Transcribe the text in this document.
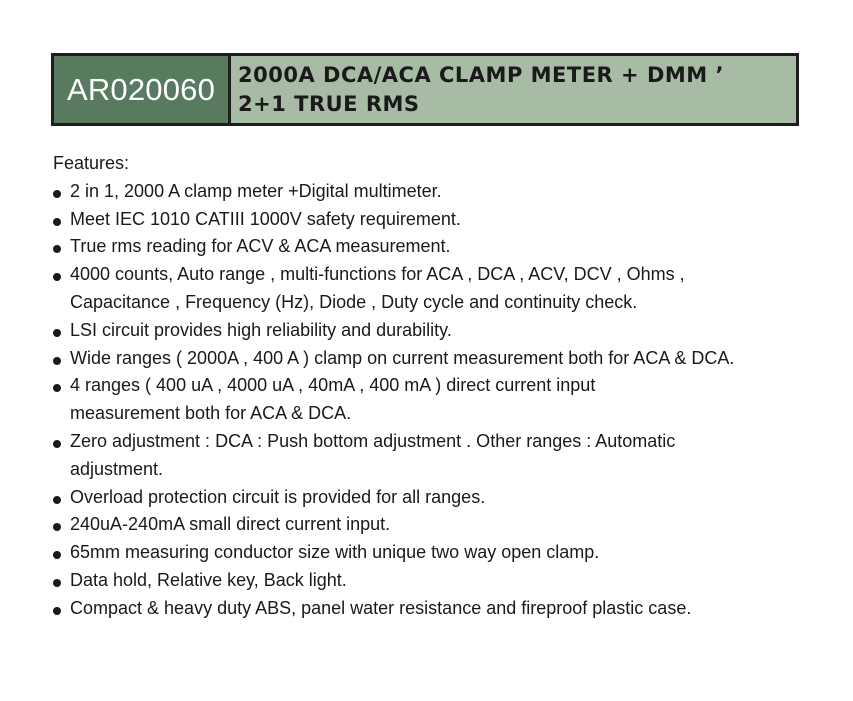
AR020060	2000A DCA/ACA CLAMP METER + DMM ʼ
2+1 TRUE RMS
Features:
2 in 1, 2000 A clamp meter +Digital multimeter.
Meet IEC 1010 CATIII 1000V safety requirement.
True rms reading for ACV & ACA measurement.
4000 counts, Auto range , multi-functions for ACA , DCA , ACV, DCV , Ohms ,
Capacitance , Frequency (Hz), Diode , Duty cycle and continuity check.
LSI circuit provides high reliability and durability.
Wide ranges ( 2000A , 400 A ) clamp on current measurement both for ACA & DCA.
4 ranges ( 400 uA , 4000 uA , 40mA , 400 mA ) direct current input
measurement both for ACA & DCA.
Zero adjustment : DCA : Push bottom adjustment . Other ranges : Automatic
adjustment.
Overload protection circuit is provided for all ranges.
240uA-240mA small direct current input.
65mm measuring conductor size with unique two way open clamp.
Data hold, Relative key, Back light.
Compact & heavy duty ABS, panel water resistance and fireproof plastic case.
